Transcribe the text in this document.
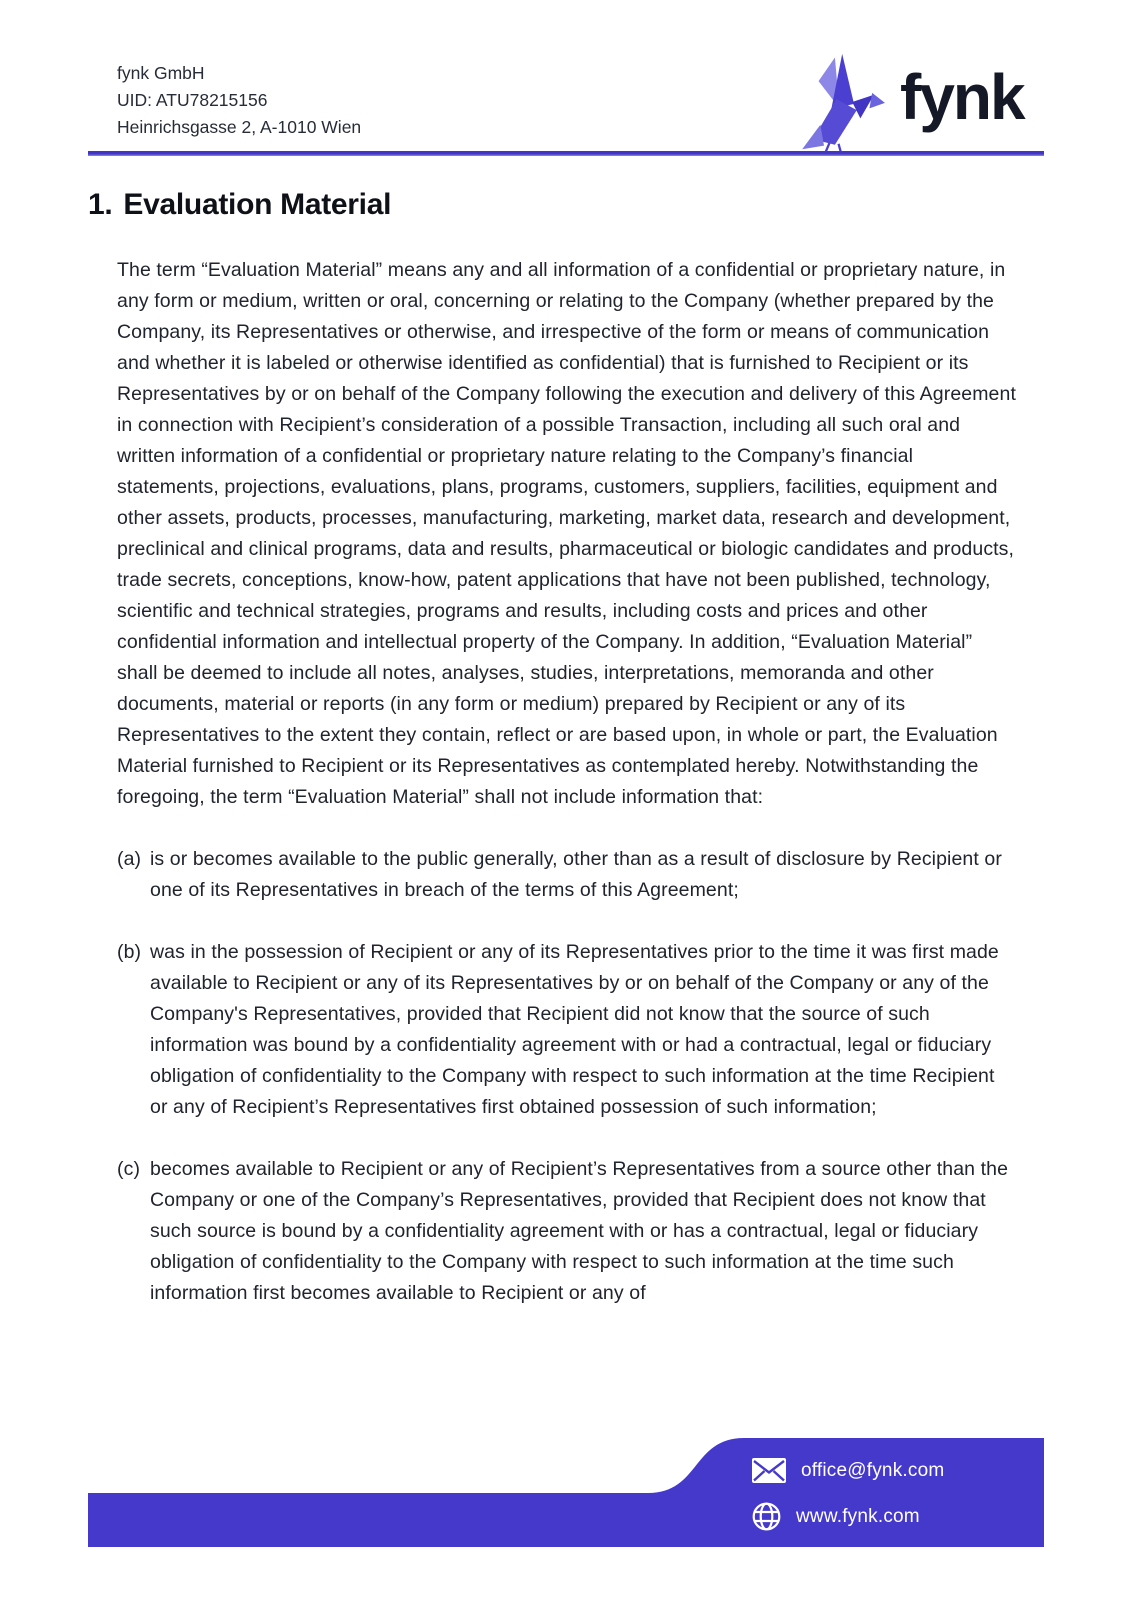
fynk GmbH
UID: ATU78215156
Heinrichsgasse 2, A-1010 Wien	fynk
1. Evaluation Material

The term “Evaluation Material” means any and all information of a confidential or proprietary nature, in any form or medium, written or oral, concerning or relating to the Company (whether prepared by the Company, its Representatives or otherwise, and irrespective of the form or means of communication and whether it is labeled or otherwise identified as confidential) that is furnished to Recipient or its Representatives by or on behalf of the Company following the execution and delivery of this Agreement in connection with Recipient’s consideration of a possible Transaction, including all such oral and written information of a confidential or proprietary nature relating to the Company’s financial statements, projections, evaluations, plans, programs, customers, suppliers, facilities, equipment and other assets, products, processes, manufacturing, marketing, market data, research and development, preclinical and clinical programs, data and results, pharmaceutical or biologic candidates and products, trade secrets, conceptions, know-how, patent applications that have not been published, technology, scientific and technical strategies, programs and results, including costs and prices and other confidential information and intellectual property of the Company. In addition, “Evaluation Material” shall be deemed to include all notes, analyses, studies, interpretations, memoranda and other documents, material or reports (in any form or medium) prepared by Recipient or any of its Representatives to the extent they contain, reflect or are based upon, in whole or part, the Evaluation Material furnished to Recipient or its Representatives as contemplated hereby. Notwithstanding the foregoing, the term “Evaluation Material” shall not include information that:

(a) is or becomes available to the public generally, other than as a result of disclosure by Recipient or one of its Representatives in breach of the terms of this Agreement;
(b) was in the possession of Recipient or any of its Representatives prior to the time it was first made available to Recipient or any of its Representatives by or on behalf of the Company or any of the Company's Representatives, provided that Recipient did not know that the source of such information was bound by a confidentiality agreement with or had a contractual, legal or fiduciary obligation of confidentiality to the Company with respect to such information at the time Recipient or any of Recipient’s Representatives first obtained possession of such information;
(c) becomes available to Recipient or any of Recipient’s Representatives from a source other than the Company or one of the Company’s Representatives, provided that Recipient does not know that such source is bound by a confidentiality agreement with or has a contractual, legal or fiduciary obligation of confidentiality to the Company with respect to such information at the time such information first becomes available to Recipient or any of
office@fynk.com
www.fynk.com
